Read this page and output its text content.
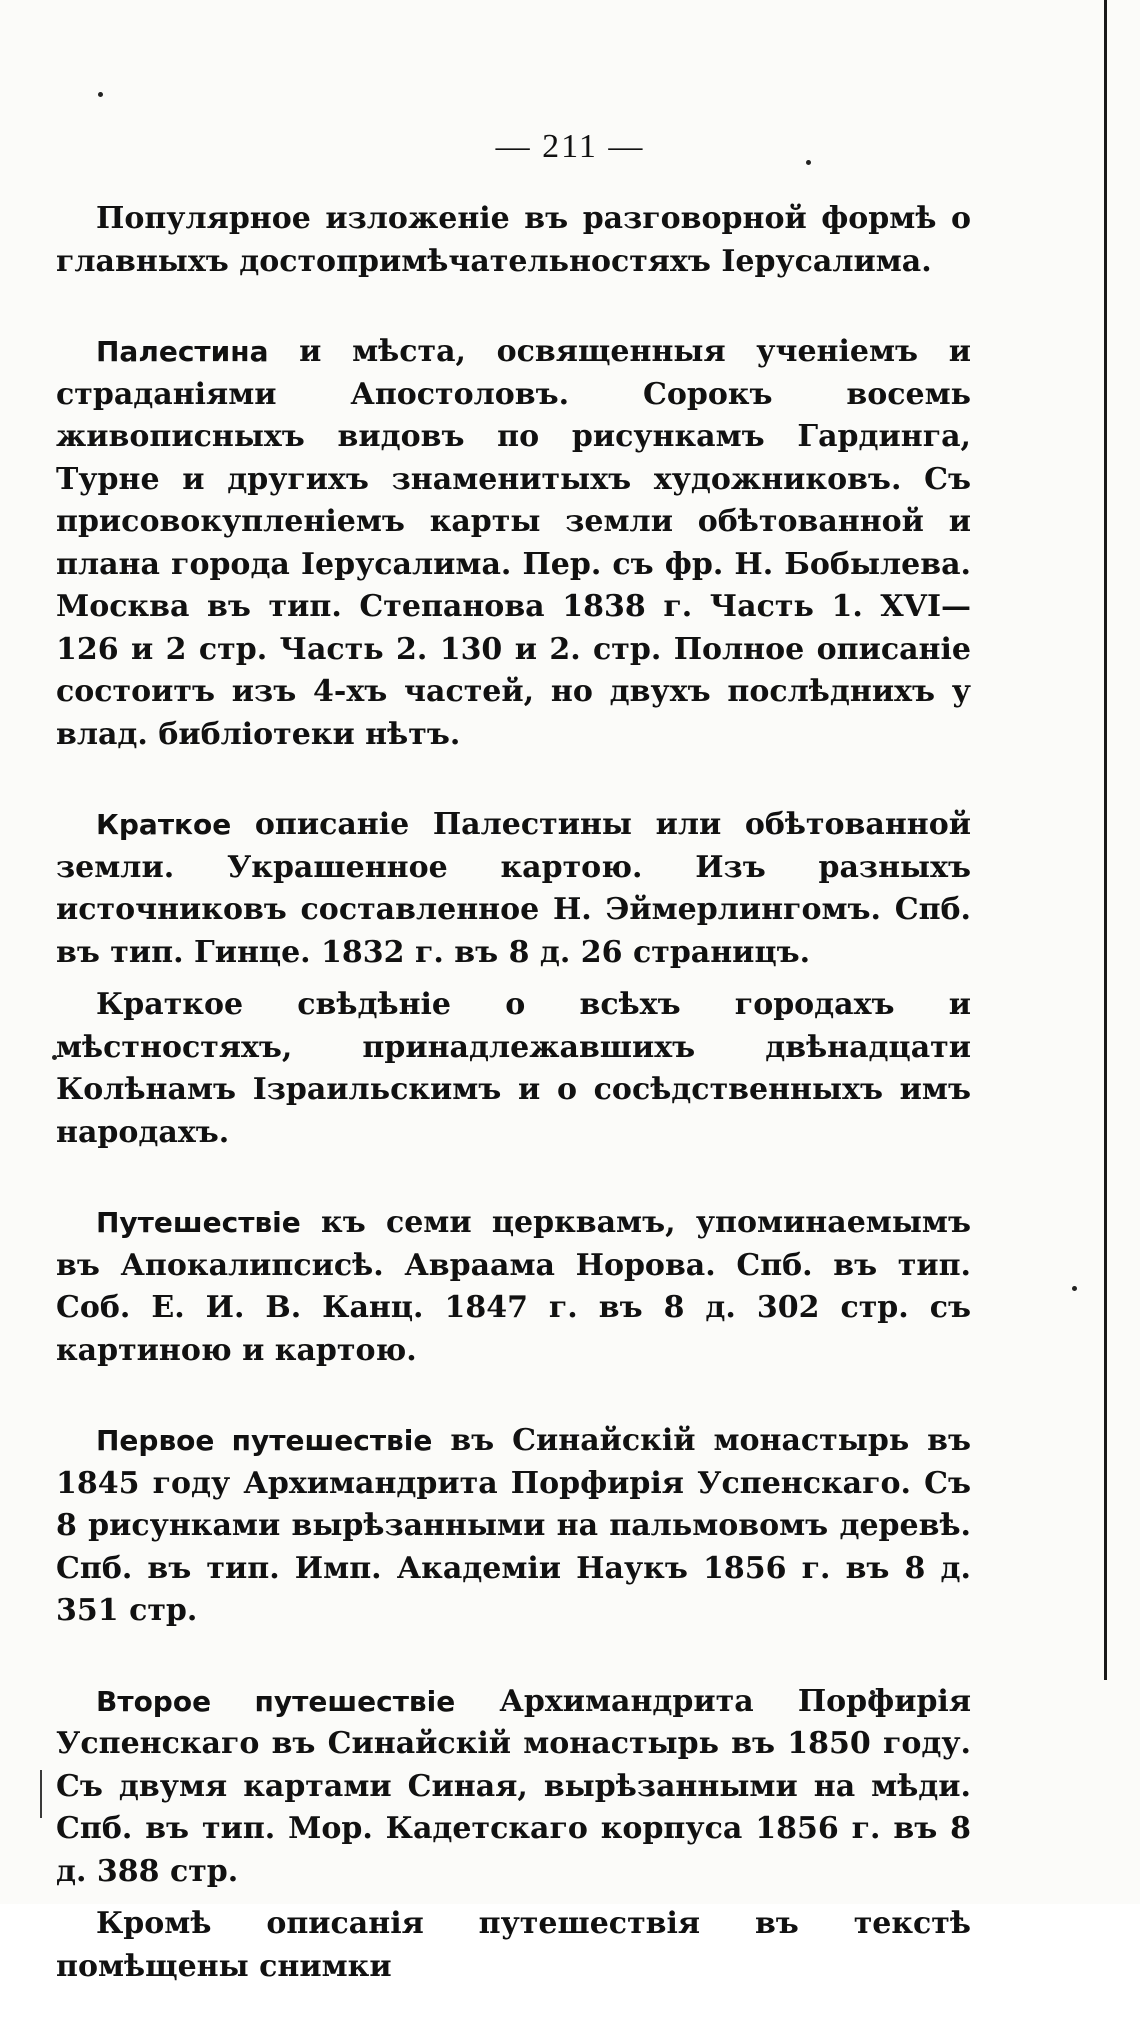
— 211 —

Популярное изложеніе въ разговорной формѣ о главныхъ достопримѣчательностяхъ Іерусалима.

Палестина и мѣста, освященныя ученіемъ и страданіями Апостоловъ. Сорокъ восемь живописныхъ видовъ по рисункамъ Гардинга, Турне и другихъ знаменитыхъ художниковъ. Съ присовокупленіемъ карты земли обѣтованной и плана города Іерусалима. Пер. съ фр. Н. Бобылева. Москва въ тип. Степанова 1838 г. Часть 1. XVI—126 и 2 стр. Часть 2. 130 и 2. стр. Полное описаніе состоитъ изъ 4-хъ частей, но двухъ послѣднихъ у влад. библіотеки нѣтъ.

Краткое описаніе Палестины или обѣтованной земли. Украшенное картою. Изъ разныхъ источниковъ составленное Н. Эймерлингомъ. Спб. въ тип. Гинце. 1832 г. въ 8 д. 26 страницъ.

Краткое свѣдѣніе о всѣхъ городахъ и мѣстностяхъ, принадлежавшихъ двѣнадцати Колѣнамъ Ізраильскимъ и о сосѣдственныхъ имъ народахъ.

Путешествіе къ семи церквамъ, упоминаемымъ въ Апокалипсисѣ. Авраама Норова. Спб. въ тип. Соб. Е. И. В. Канц. 1847 г. въ 8 д. 302 стр. съ картиною и картою.

Первое путешествіе въ Синайскій монастырь въ 1845 году Архимандрита Порфирія Успенскаго. Съ 8 рисунками вырѣзанными на пальмовомъ деревѣ. Спб. въ тип. Имп. Академіи Наукъ 1856 г. въ 8 д. 351 стр.

Второе путешествіе Архимандрита Порфирія Успенскаго въ Синайскій монастырь въ 1850 году. Съ двумя картами Синая, вырѣзанными на мѣди. Спб. въ тип. Мор. Кадетскаго корпуса 1856 г. въ 8 д. 388 стр.

Кромѣ описанія путешествія въ текстѣ помѣщены снимки
